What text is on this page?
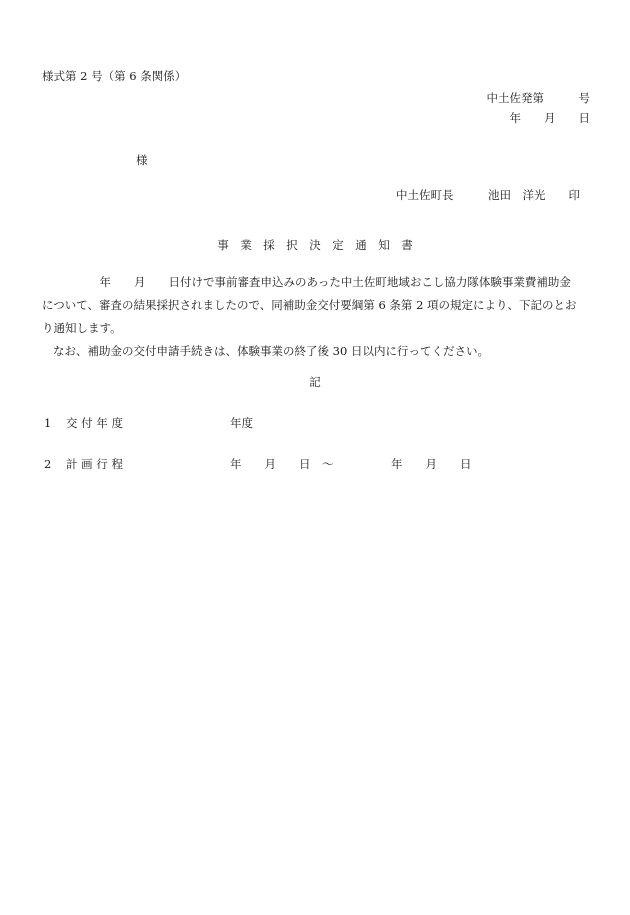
様式第 2 号（第 6 条関係）
中土佐発第　　　号
年　　月　　日
様
中土佐町長　　　池田　洋光　　印
事　業　採　択　決　定　通　知　書

　　　　　年　　月　　日付けで事前審査申込みのあった中土佐町地域おこし協力隊体験事業費補助金

について、審査の結果採択されましたので、同補助金交付要綱第 6 条第 2 項の規定により、下記のとお

り通知します。

なお、補助金の交付申請手続きは、体験事業の終了後 30 日以内に行ってください。

記
1 交 付 年 度	年度
2 計 画 行 程	年　　月　　日　～　　　　　年　　月　　日
